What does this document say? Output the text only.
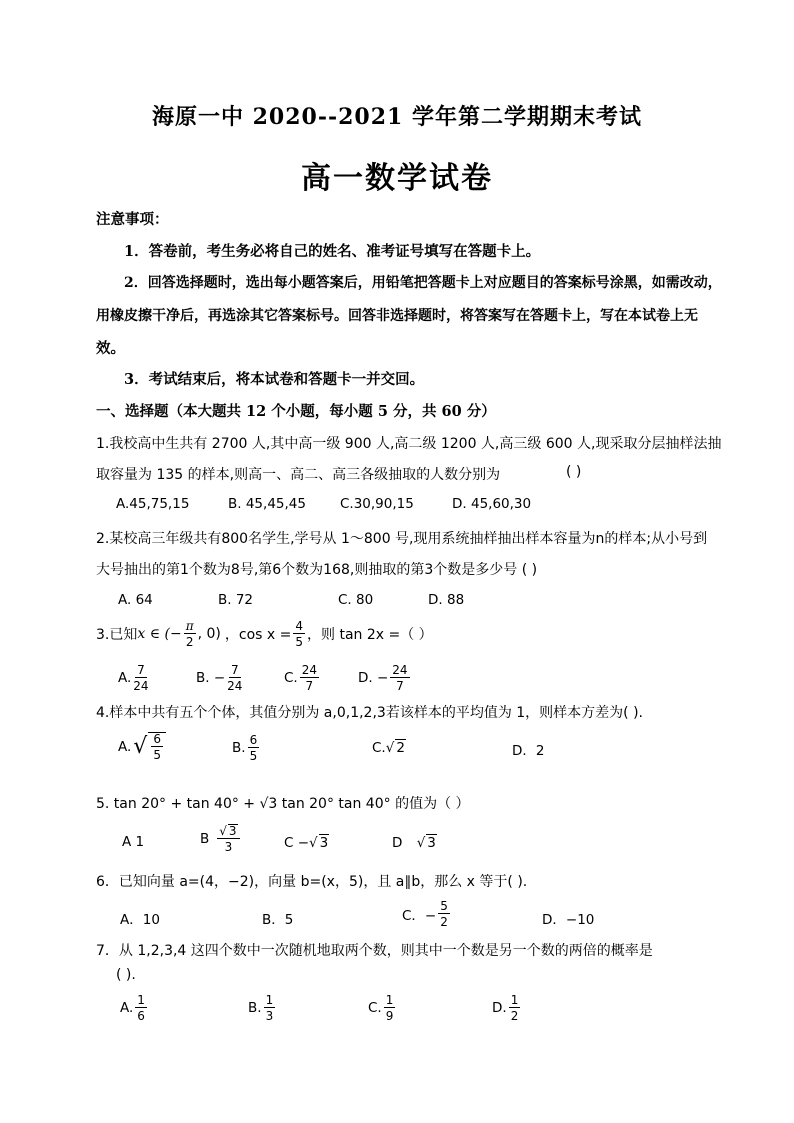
海原一中 2020--2021 学年第二学期期末考试
高一数学试卷
注意事项：
1．答卷前，考生务必将自己的姓名、准考证号填写在答题卡上。
2．回答选择题时，选出每小题答案后，用铅笔把答题卡上对应题目的答案标号涂黑，如需改动，
用橡皮擦干净后，再选涂其它答案标号。回答非选择题时，将答案写在答题卡上，写在本试卷上无
效。
3．考试结束后，将本试卷和答题卡一并交回。
一、选择题（本大题共 12 个小题，每小题 5 分，共 60 分）
1.我校高中生共有 2700 人,其中高一级 900 人,高二级 1200 人,高三级 600 人,现采取分层抽样法抽
取容量为 135 的样本,则高一、高二、高三各级抽取的人数分别为	( )
A.45,75,15	B. 45,45,45	C.30,90,15	D. 45,60,30
2.某校高三年级共有800名学生,学号从 1～800 号,现用系统抽样抽出样本容量为n的样本;从小号到
大号抽出的第1个数为8号,第6个数为168,则抽取的第3个数是多少号 ( )
A. 64	B. 72	C. 80	D. 88
3.已知 x ∈ (− $\frac{\pi}{2}$ , 0) ，$\cos x = \frac{4}{5}$ ，则 tan 2x =（ ）
A. $\frac{7}{24}$	B. − $\frac{7}{24}$	C. $\frac{24}{7}$	D. − $\frac{24}{7}$
4.样本中共有五个个体，其值分别为 a,0,1,2,3若该样本的平均值为 1，则样本方差为( ).
A. √ $\frac{6}{5}$	B. $\frac{6}{5}$	C.√ 2	D．2
5. tan 20° + tan 40° + √3 tan 20° tan 40° 的值为（ ）
A 1	B $\frac{√ 3}{3}$	C −√ 3	D √ 3
6．已知向量 a=(4，−2)，向量 b=(x，5)，且 a∥b，那么 x 等于( ).
A．10	B．5	C．− $\frac{5}{2}$	D．−10
7．从 1,2,3,4 这四个数中一次随机地取两个数，则其中一个数是另一个数的两倍的概率是
( ).
A. $\frac{1}{6}$	B. $\frac{1}{3}$	C. $\frac{1}{9}$	D. $\frac{1}{2}$
